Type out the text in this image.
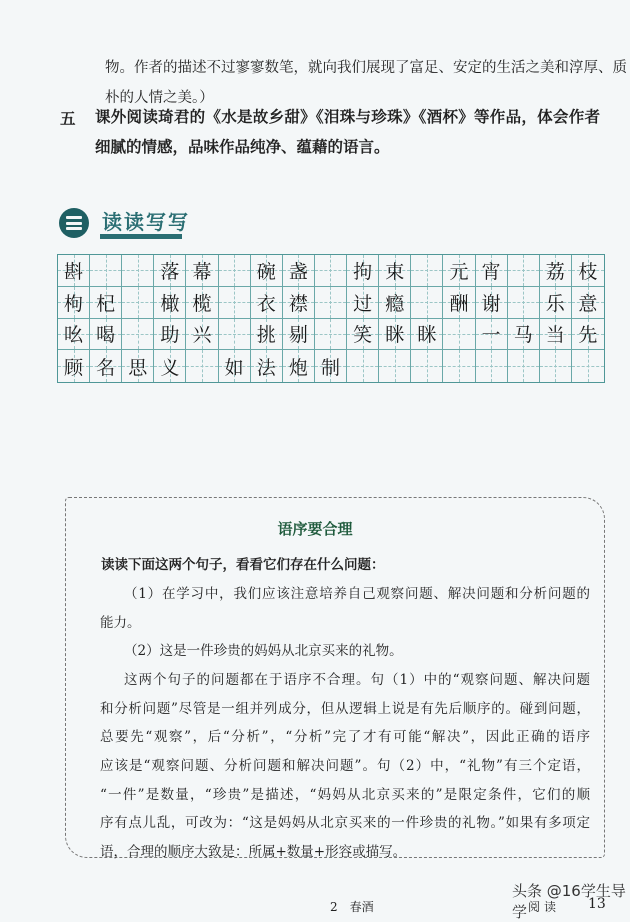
物。作者的描述不过寥寥数笔，就向我们展现了富足、安定的生活之美和淳厚、质
朴的人情之美。）
五 课外阅读琦君的《水是故乡甜》《泪珠与珍珠》《酒杯》等作品，体会作者
细腻的情感，品味作品纯净、蕴藉的语言。
读读写写
斟	落 幕 碗 盏 拘 束 元 宵 荔 枝
枸 杞 橄 榄 衣 襟 过 瘾 酬 谢 乐 意
吆 喝 助 兴 挑 剔 笑 眯 眯 一 马 当 先
顾 名 思 义 如 法 炮 制
语序要合理
读读下面这两个句子，看看它们存在什么问题：
（1）在学习中，我们应该注意培养自己观察问题、解决问题和分析问题的
能力。
（2）这是一件珍贵的妈妈从北京买来的礼物。
这两个句子的问题都在于语序不合理。句（1）中的“观察问题、解决问题
和分析问题”尽管是一组并列成分，但从逻辑上说是有先后顺序的。碰到问题，
总要先“观察”，后“分析”，“分析”完了才有可能“解决”，因此正确的语序
应该是“观察问题、分析问题和解决问题”。句（2）中，“礼物”有三个定语，
“一件”是数量，“珍贵”是描述，“妈妈从北京买来的”是限定条件，它们的顺
序有点儿乱，可改为：“这是妈妈从北京买来的一件珍贵的礼物。”如果有多项定
语，合理的顺序大致是：所属+数量+形容或描写。
2　春酒	阅读 13
头条 @16学生导学
